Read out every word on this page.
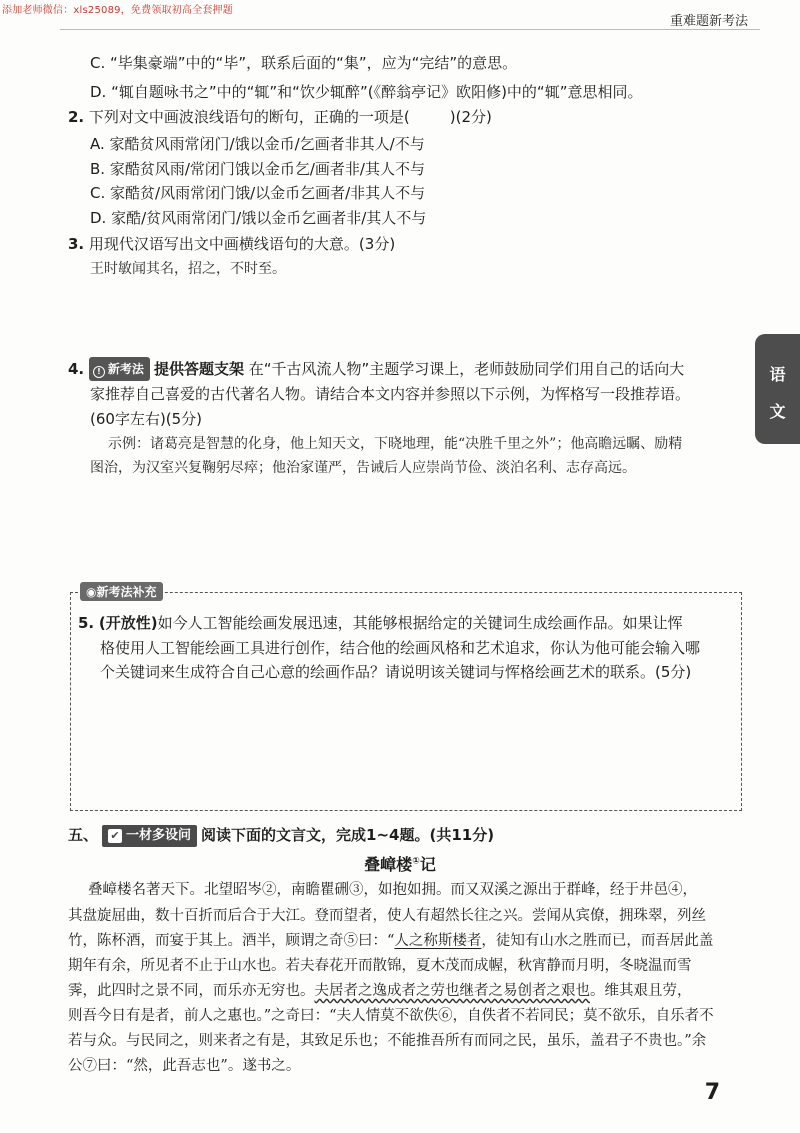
添加老师微信：xls25089，免费领取初高全套押题
重难题新考法
语
文
C. “毕集豪端”中的“毕”，联系后面的“集”，应为“完结”的意思。
D. “辄自题咏书之”中的“辄”和“饮少辄醉”(《醉翁亭记》欧阳修)中的“辄”意思相同。
2. 下列对文中画波浪线语句的断句，正确的一项是(	)(2分)
A. 家酷贫风雨常闭门/饿以金币/乞画者非其人/不与
B. 家酷贫风雨/常闭门饿以金币乞/画者非/其人不与
C. 家酷贫/风雨常闭门饿/以金币乞画者/非其人不与
D. 家酷/贫风雨常闭门/饿以金币乞画者非/其人不与
3. 用现代汉语写出文中画横线语句的大意。(3分)
王时敏闻其名，招之，不时至。
4. ! 新考法 提供答题支架 在“千古风流人物”主题学习课上，老师鼓励同学们用自己的话向大
家推荐自己喜爱的古代著名人物。请结合本文内容并参照以下示例，为恽格写一段推荐语。
(60字左右)(5分)
示例：诸葛亮是智慧的化身，他上知天文，下晓地理，能“决胜千里之外”；他高瞻远瞩、励精
图治，为汉室兴复鞠躬尽瘁；他治家谨严，告诫后人应崇尚节俭、淡泊名利、志存高远。
◉新考法补充
5. (开放性)如今人工智能绘画发展迅速，其能够根据给定的关键词生成绘画作品。如果让恽
格使用人工智能绘画工具进行创作，结合他的绘画风格和艺术追求，你认为他可能会输入哪
个关键词来生成符合自己心意的绘画作品？请说明该关键词与恽格绘画艺术的联系。(5分)
五、 ✔ 一材多设问 阅读下面的文言文，完成1~4题。(共11分)
叠嶂楼①记
叠嶂楼名著天下。北望昭岑②，南瞻瞿硎③，如抱如拥。而又双溪之源出于群峰，经于井邑④，
其盘旋屈曲，数十百折而后合于大江。登而望者，使人有超然长往之兴。尝闻从宾僚，拥珠翠，列丝
竹，陈杯酒，而宴于其上。酒半，顾谓之奇⑤曰：“人之称斯楼者，徒知有山水之胜而已，而吾居此盖
期年有余，所见者不止于山水也。若夫春花开而散锦，夏木茂而成幄，秋宵静而月明，冬晓温而雪
霁，此四时之景不同，而乐亦无穷也。夫居者之逸成者之劳也继者之易创者之艰也。维其艰且劳，
则吾今日有是者，前人之惠也。”之奇曰：“夫人情莫不欲佚⑥，自佚者不若同民；莫不欲乐，自乐者不
若与众。与民同之，则来者之有是，其致足乐也；不能推吾所有而同之民，虽乐，盖君子不贵也。”余
公⑦曰：“然，此吾志也”。遂书之。
7
